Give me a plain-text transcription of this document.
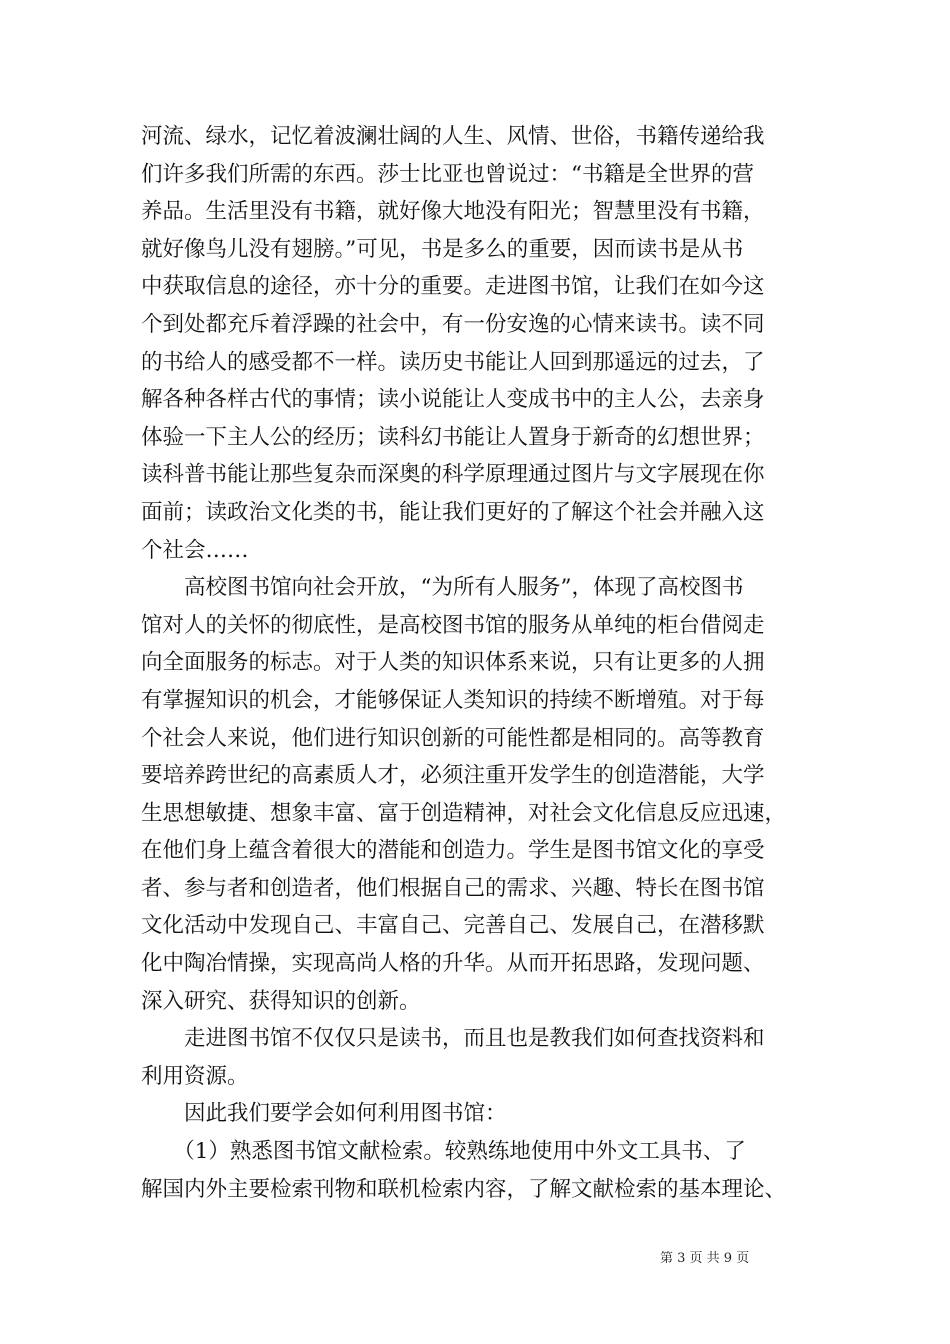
河流、绿水，记忆着波澜壮阔的人生、风情、世俗，书籍传递给我
们许多我们所需的东西。莎士比亚也曾说过：“书籍是全世界的营
养品。生活里没有书籍，就好像大地没有阳光；智慧里没有书籍，
就好像鸟儿没有翅膀。”可见，书是多么的重要，因而读书是从书
中获取信息的途径，亦十分的重要。走进图书馆，让我们在如今这
个到处都充斥着浮躁的社会中，有一份安逸的心情来读书。读不同
的书给人的感受都不一样。读历史书能让人回到那遥远的过去，了
解各种各样古代的事情；读小说能让人变成书中的主人公，去亲身
体验一下主人公的经历；读科幻书能让人置身于新奇的幻想世界；
读科普书能让那些复杂而深奥的科学原理通过图片与文字展现在你
面前；读政治文化类的书，能让我们更好的了解这个社会并融入这
个社会……
　　高校图书馆向社会开放，“为所有人服务”，体现了高校图书
馆对人的关怀的彻底性，是高校图书馆的服务从单纯的柜台借阅走
向全面服务的标志。对于人类的知识体系来说，只有让更多的人拥
有掌握知识的机会，才能够保证人类知识的持续不断增殖。对于每
个社会人来说，他们进行知识创新的可能性都是相同的。高等教育
要培养跨世纪的高素质人才，必须注重开发学生的创造潜能，大学
生思想敏捷、想象丰富、富于创造精神，对社会文化信息反应迅速，
在他们身上蕴含着很大的潜能和创造力。学生是图书馆文化的享受
者、参与者和创造者，他们根据自己的需求、兴趣、特长在图书馆
文化活动中发现自己、丰富自己、完善自己、发展自己，在潜移默
化中陶冶情操，实现高尚人格的升华。从而开拓思路，发现问题、
深入研究、获得知识的创新。
　　走进图书馆不仅仅只是读书，而且也是教我们如何查找资料和
利用资源。
　　因此我们要学会如何利用图书馆：
　　（1）熟悉图书馆文献检索。较熟练地使用中外文工具书、了
解国内外主要检索刊物和联机检索内容，了解文献检索的基本理论、
第 3 页 共 9 页
